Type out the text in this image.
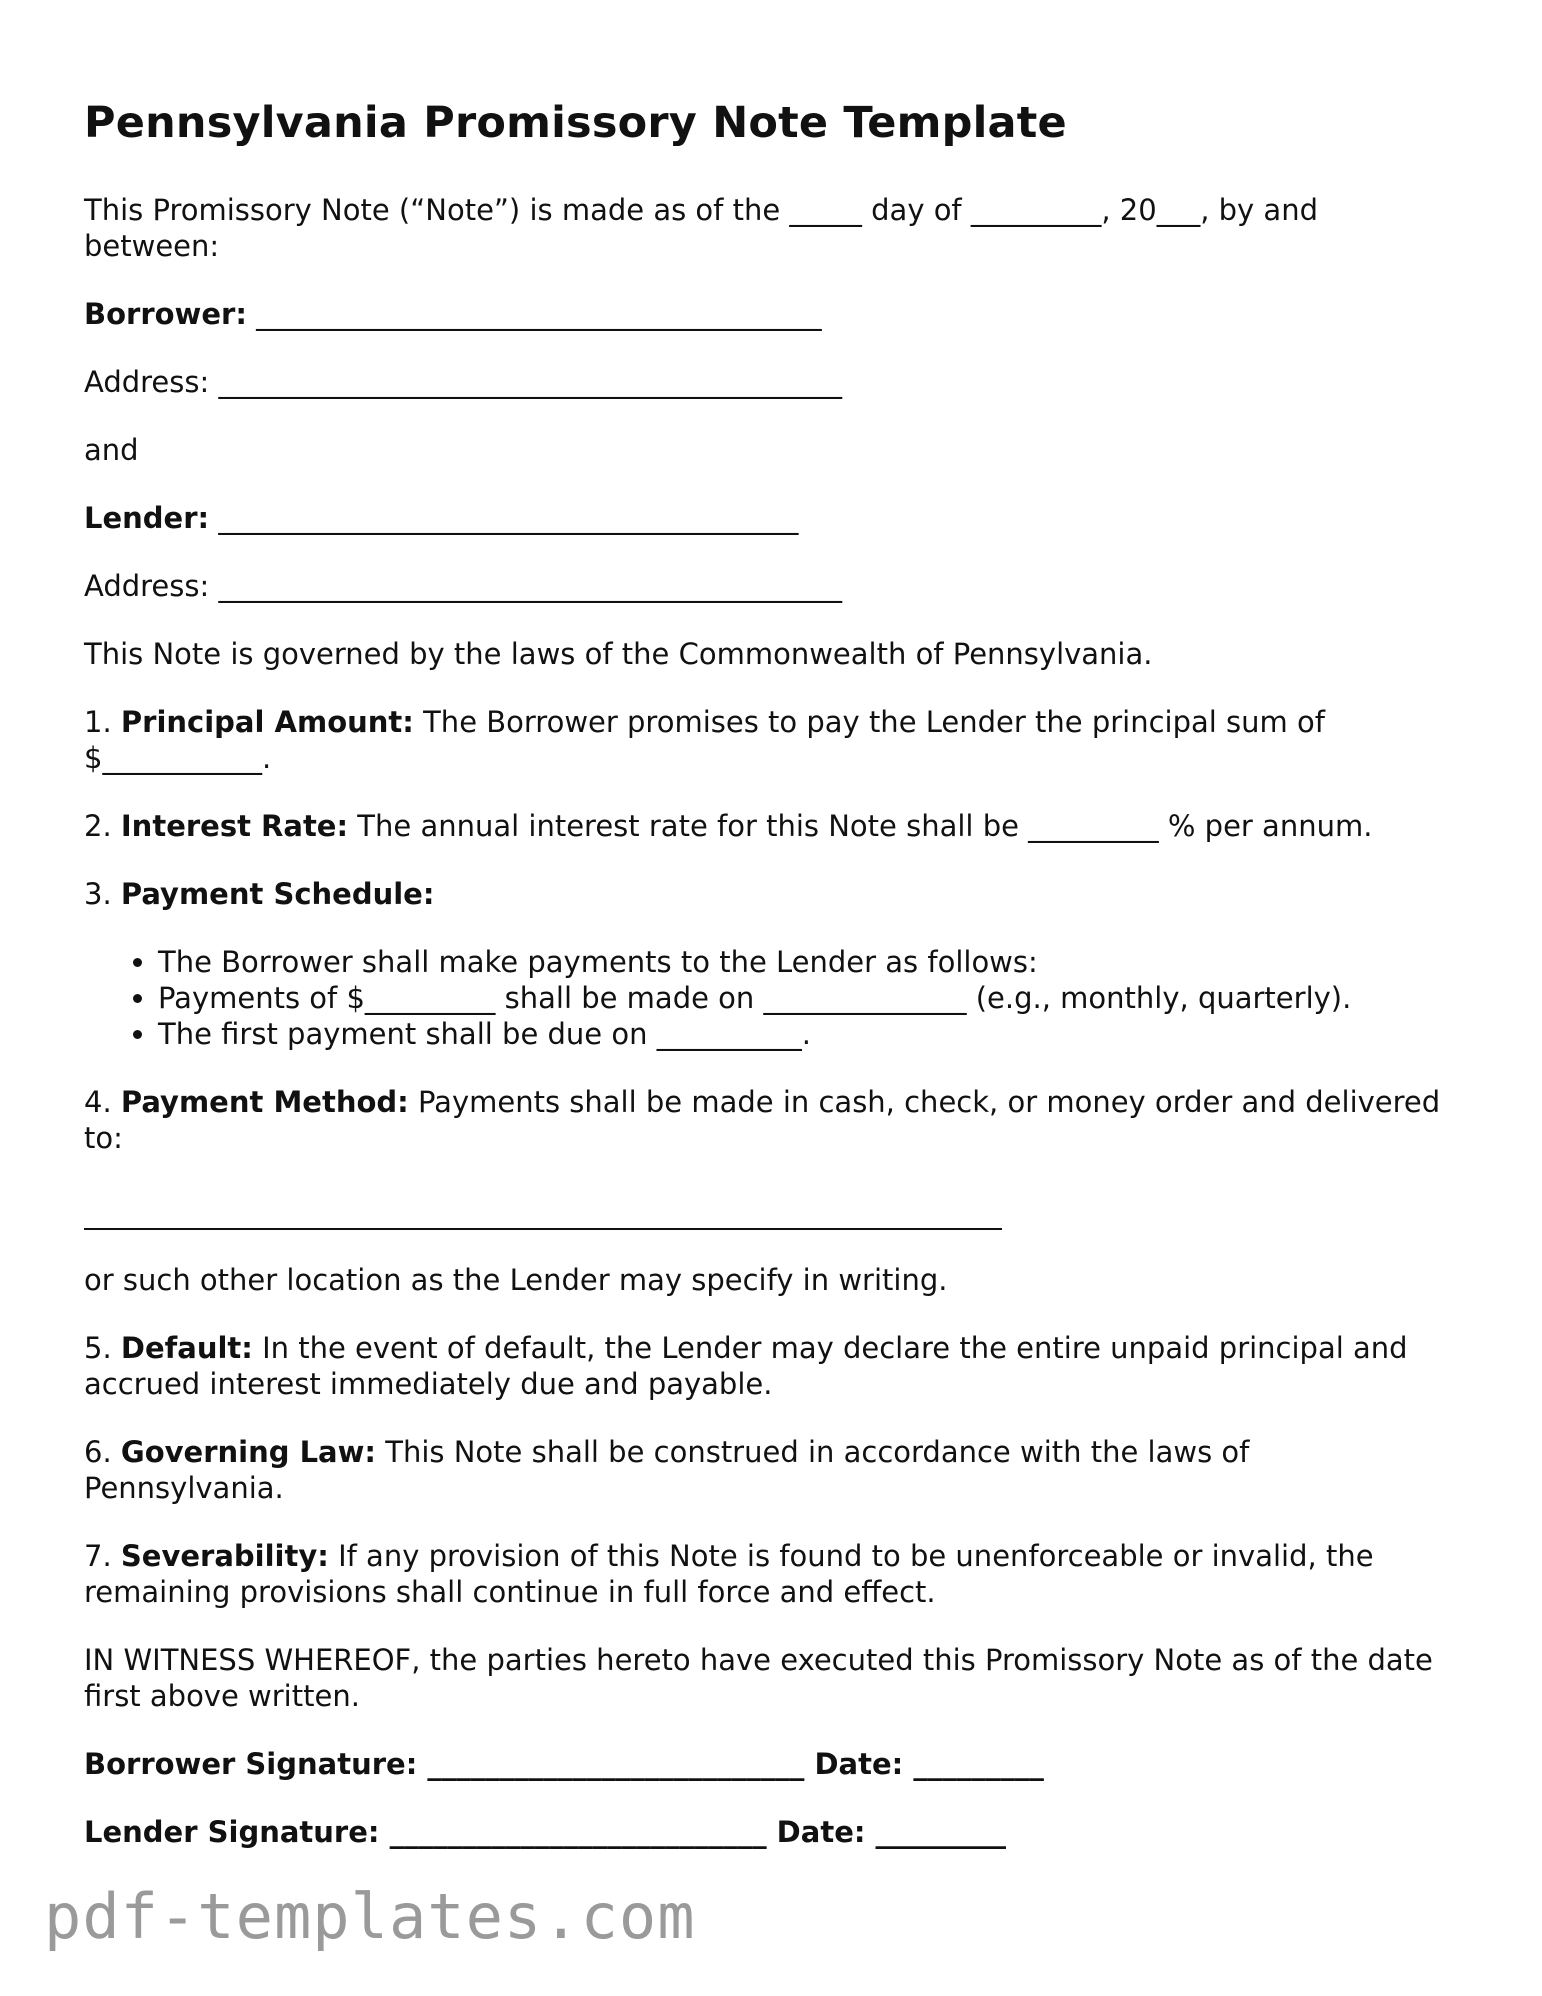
Pennsylvania Promissory Note Template

This Promissory Note (“Note”) is made as of the _____ day of _________, 20___, by and between:

Borrower: _______________________________________

Address: ___________________________________________

and

Lender: ________________________________________

Address: ___________________________________________

This Note is governed by the laws of the Commonwealth of Pennsylvania.

1. Principal Amount: The Borrower promises to pay the Lender the principal sum of $___________.

2. Interest Rate: The annual interest rate for this Note shall be _________ % per annum.

3. Payment Schedule:

• The Borrower shall make payments to the Lender as follows:
• Payments of $_________ shall be made on ______________ (e.g., monthly, quarterly).
• The first payment shall be due on __________.

4. Payment Method: Payments shall be made in cash, check, or money order and delivered to:

or such other location as the Lender may specify in writing.

5. Default: In the event of default, the Lender may declare the entire unpaid principal and accrued interest immediately due and payable.

6. Governing Law: This Note shall be construed in accordance with the laws of Pennsylvania.

7. Severability: If any provision of this Note is found to be unenforceable or invalid, the remaining provisions shall continue in full force and effect.

IN WITNESS WHEREOF, the parties hereto have executed this Promissory Note as of the date first above written.

Borrower Signature: __________________________ Date: _________

Lender Signature: __________________________ Date: _________

pdf-templates.com
